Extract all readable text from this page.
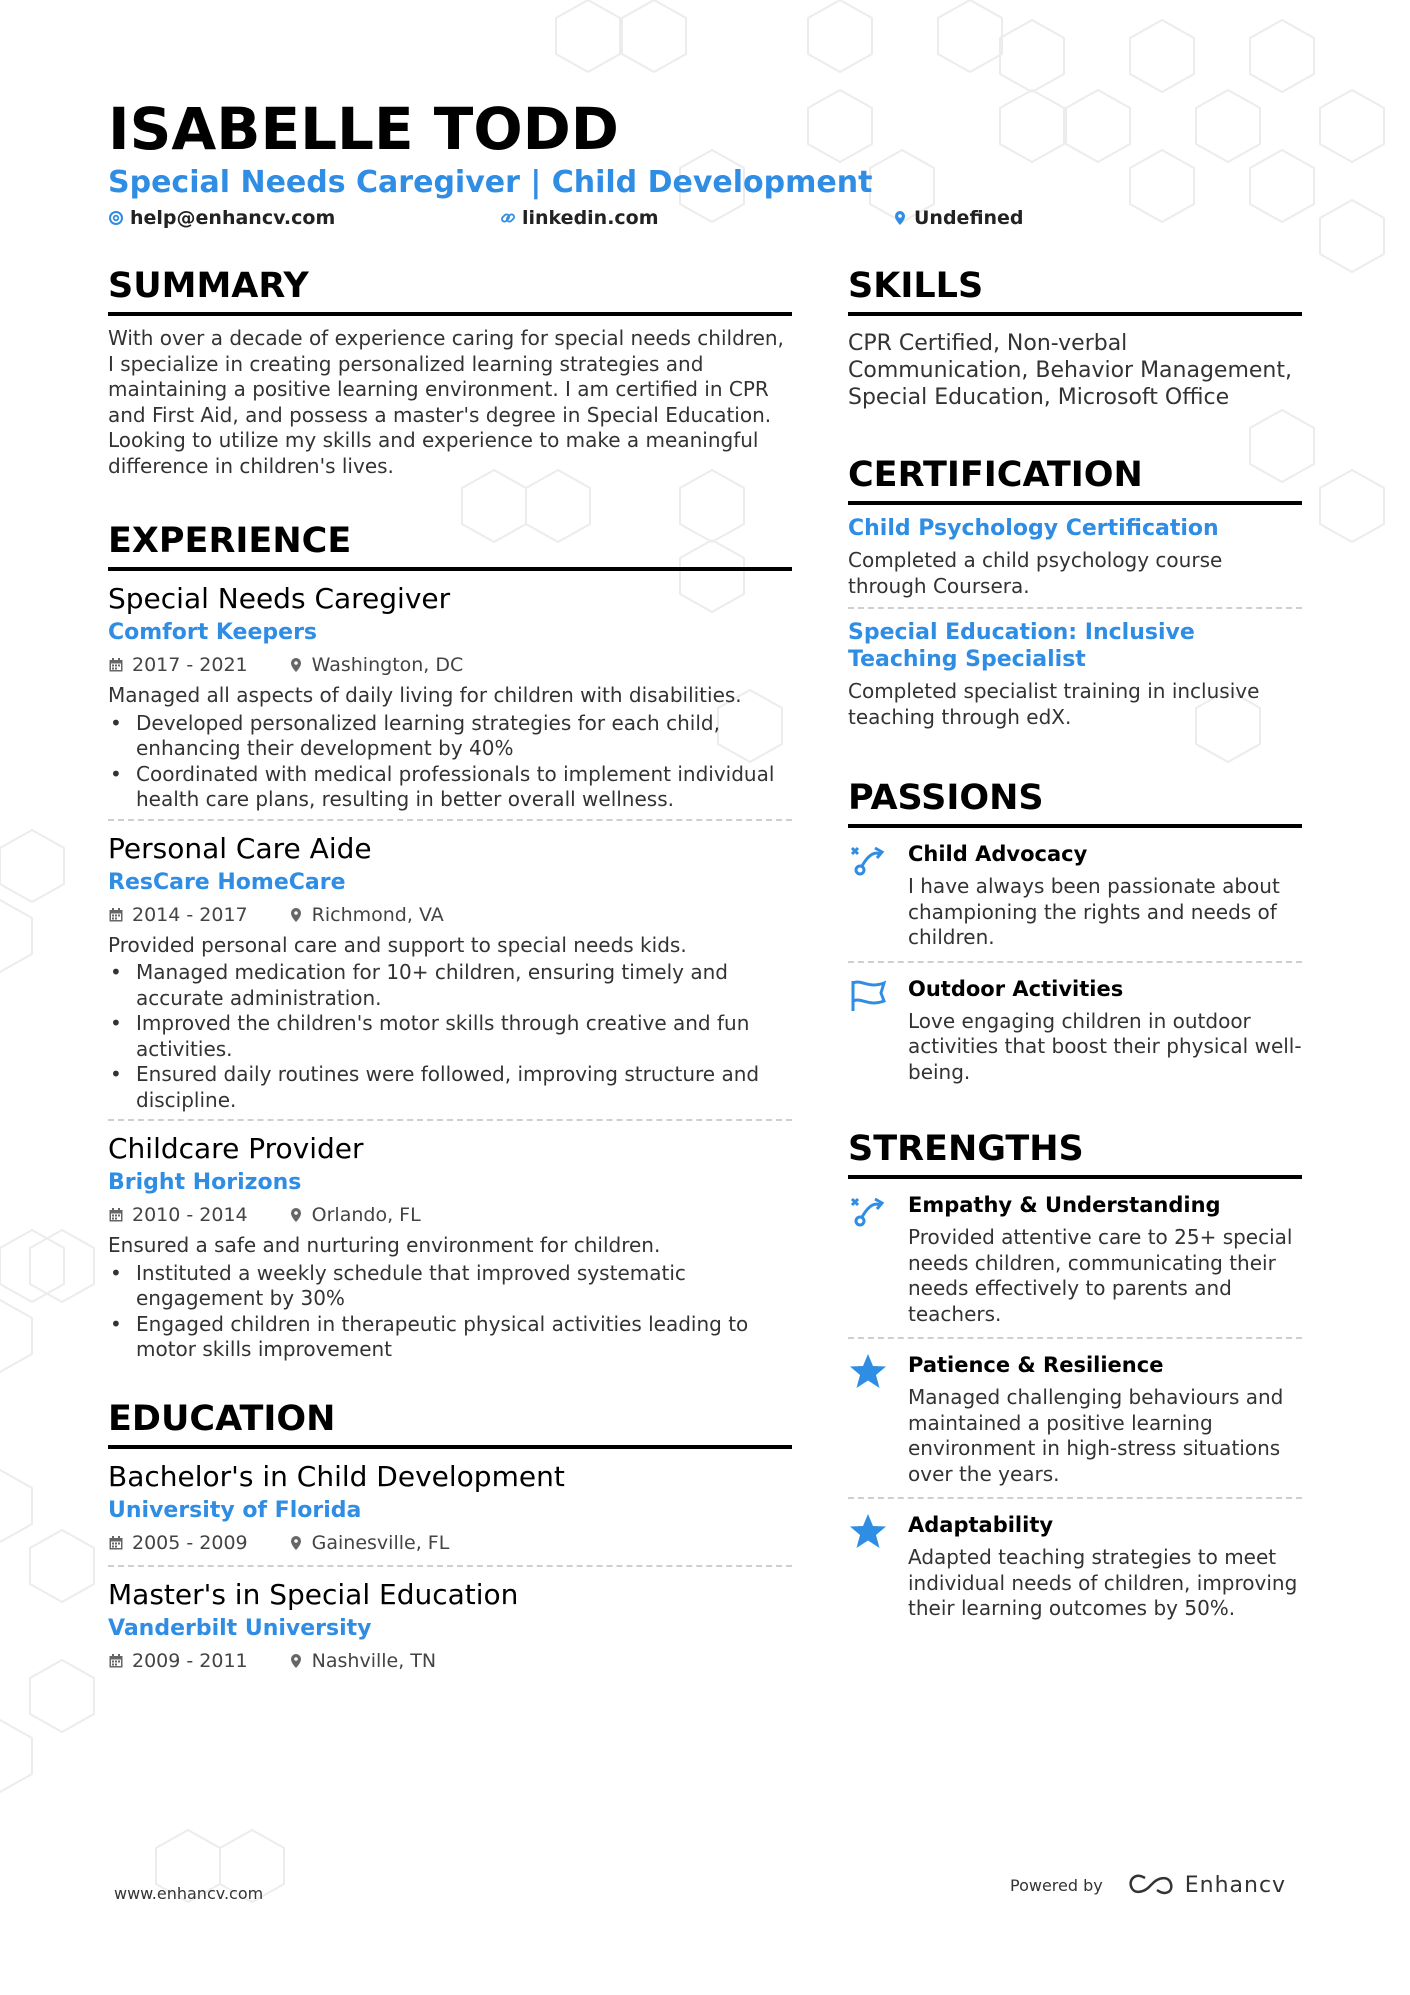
ISABELLE TODD
Special Needs Caregiver | Child Development
help@enhancv.com	linkedin.com	Undefined
SUMMARY
With over a decade of experience caring for special needs children, I specialize in creating personalized learning strategies and maintaining a positive learning environment. I am certified in CPR and First Aid, and possess a master's degree in Special Education. Looking to utilize my skills and experience to make a meaningful difference in children's lives.
EXPERIENCE
Special Needs Caregiver
Comfort Keepers
2017 - 2021	Washington, DC
Managed all aspects of daily living for children with disabilities.
• Developed personalized learning strategies for each child, enhancing their development by 40%
• Coordinated with medical professionals to implement individual health care plans, resulting in better overall wellness.
Personal Care Aide
ResCare HomeCare
2014 - 2017	Richmond, VA
Provided personal care and support to special needs kids.
• Managed medication for 10+ children, ensuring timely and accurate administration.
• Improved the children's motor skills through creative and fun activities.
• Ensured daily routines were followed, improving structure and discipline.
Childcare Provider
Bright Horizons
2010 - 2014	Orlando, FL
Ensured a safe and nurturing environment for children.
• Instituted a weekly schedule that improved systematic engagement by 30%
• Engaged children in therapeutic physical activities leading to motor skills improvement
EDUCATION
Bachelor's in Child Development
University of Florida
2005 - 2009	Gainesville, FL
Master's in Special Education
Vanderbilt University
2009 - 2011	Nashville, TN
SKILLS
CPR Certified, Non-verbal Communication, Behavior Management, Special Education, Microsoft Office
CERTIFICATION
Child Psychology Certification
Completed a child psychology course through Coursera.
Special Education: Inclusive Teaching Specialist
Completed specialist training in inclusive teaching through edX.
PASSIONS
Child Advocacy
I have always been passionate about championing the rights and needs of children.
Outdoor Activities
Love engaging children in outdoor activities that boost their physical well-being.
STRENGTHS
Empathy & Understanding
Provided attentive care to 25+ special needs children, communicating their needs effectively to parents and teachers.
Patience & Resilience
Managed challenging behaviours and maintained a positive learning environment in high-stress situations over the years.
Adaptability
Adapted teaching strategies to meet individual needs of children, improving their learning outcomes by 50%.
www.enhancv.com	Powered by	Enhancv
